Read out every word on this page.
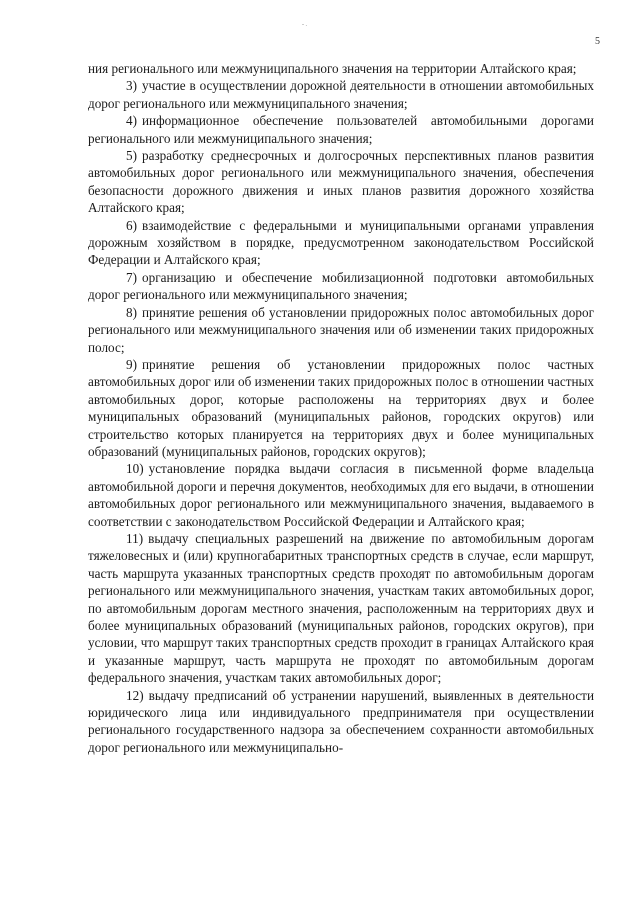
- .
5

ния регионального или межмуниципального значения на территории Алтайского края;

3) участие в осуществлении дорожной деятельности в отношении автомобильных дорог регионального или межмуниципального значения;

4) информационное обеспечение пользователей автомобильными дорогами регионального или межмуниципального значения;

5) разработку среднесрочных и долгосрочных перспективных планов развития автомобильных дорог регионального или межмуниципального значения, обеспечения безопасности дорожного движения и иных планов развития дорожного хозяйства Алтайского края;

6) взаимодействие с федеральными и муниципальными органами управления дорожным хозяйством в порядке, предусмотренном законодательством Российской Федерации и Алтайского края;

7) организацию и обеспечение мобилизационной подготовки автомобильных дорог регионального или межмуниципального значения;

8) принятие решения об установлении придорожных полос автомобильных дорог регионального или межмуниципального значения или об изменении таких придорожных полос;

9) принятие решения об установлении придорожных полос частных автомобильных дорог или об изменении таких придорожных полос в отношении частных автомобильных дорог, которые расположены на территориях двух и более муниципальных образований (муниципальных районов, городских округов) или строительство которых планируется на территориях двух и более муниципальных образований (муниципальных районов, городских округов);

10) установление порядка выдачи согласия в письменной форме владельца автомобильной дороги и перечня документов, необходимых для его выдачи, в отношении автомобильных дорог регионального или межмуниципального значения, выдаваемого в соответствии с законодательством Российской Федерации и Алтайского края;

11) выдачу специальных разрешений на движение по автомобильным дорогам тяжеловесных и (или) крупногабаритных транспортных средств в случае, если маршрут, часть маршрута указанных транспортных средств проходят по автомобильным дорогам регионального или межмуниципального значения, участкам таких автомобильных дорог, по автомобильным дорогам местного значения, расположенным на территориях двух и более муниципальных образований (муниципальных районов, городских округов), при условии, что маршрут таких транспортных средств проходит в границах Алтайского края и указанные маршрут, часть маршрута не проходят по автомобильным дорогам федерального значения, участкам таких автомобильных дорог;

12) выдачу предписаний об устранении нарушений, выявленных в деятельности юридического лица или индивидуального предпринимателя при осуществлении регионального государственного надзора за обеспечением сохранности автомобильных дорог регионального или межмуниципально-
